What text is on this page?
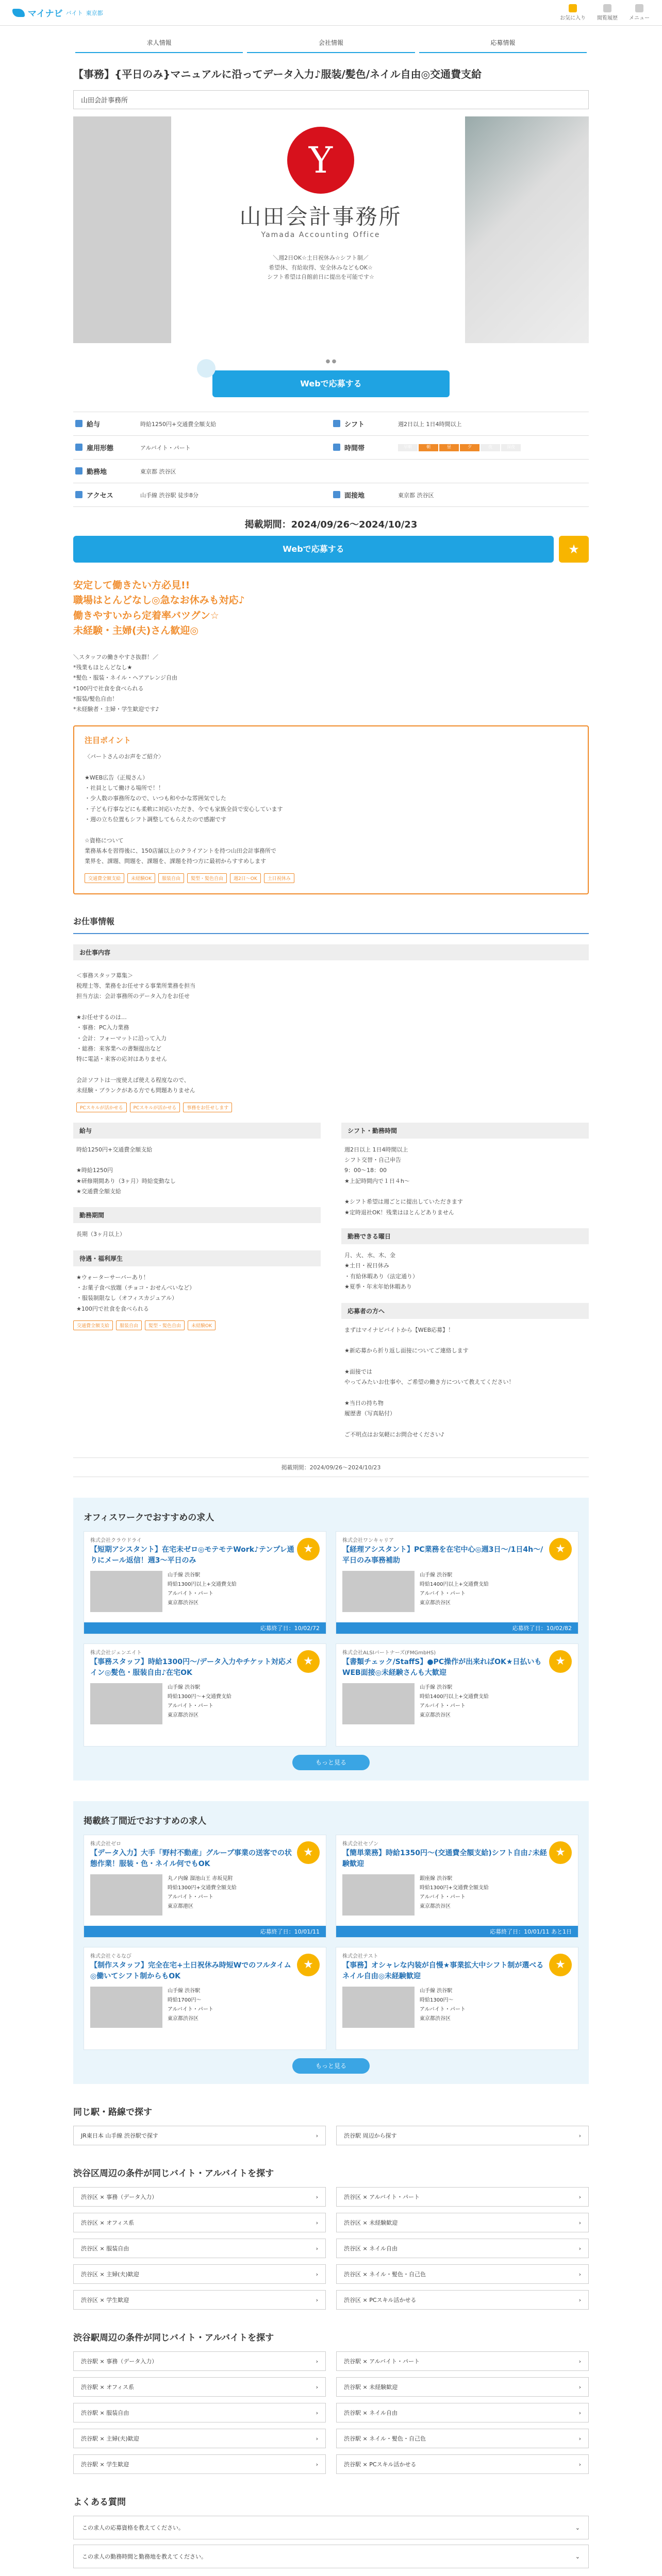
マイナビ バイト 東京都
お気に入り 閲覧履歴 メニュー
求人情報	会社情報	応募情報
【事務】{平日のみ}マニュアルに沿ってデータ入力♪服装/髪色/ネイル自由◎交通費支給
山田会計事務所
Y
山田会計事務所
Yamada Accounting Office
＼週2日OK☆土日祝休み☆シフト制／
希望休、有給取得、安全休みなどもOK☆
シフト希望は自館前日に提出を可能です☆
● ●
Webで応募する
給与	時給1250円+交通費全額支給	シフト	週2日以上 1日4時間以上
雇用形態	アルバイト・パート	時間帯	早朝	朝	昼	夕	夜	深夜
勤務地	東京都 渋谷区
アクセス	山手線 渋谷駅 徒歩8分	面接地	東京都 渋谷区
掲載期間：2024/09/26〜2024/10/23
Webで応募する	★
安定して働きたい方必見!!
職場はとんどなし◎急なお休みも対応♪
働きやすいから定着率バツグン☆
未経験・主婦(夫)さん歓迎◎
＼スタッフの働きやすさ抜群！／
*残業もほとんどなし★
*髪色・服装・ネイル・ヘアアレンジ自由
*100円で社食を食べられる
*服装/髪色自由！
*未経験者・主婦・学生歓迎です♪
注目ポイント
〈パートさんのお声をご紹介〉

★WEB広告（正規さん）
・社員として働ける場所で！！
・少人数の事務所なので、いつも和やかな雰囲気でした
・子ども行事などにも柔軟に対応いただき、今でも家族全員で安心しています
・週の立ち位置もシフト調整してもらえたので感謝です

☆資格について
業務基本を習得後に、150店舗以上のクライアントを持つ山田会計事務所で
業界を、課題、問題を、課題を、課題を持つ方に最初からすすめします
交通費全額支給	未経験OK	服装自由	髪型・髪色自由	週2日〜OK	土日祝休み
お仕事情報
お仕事内容
＜事務スタッフ募集＞
税理士等、業務をお任せする事業所業務を担当
担当方法：会計事務所のデータ入力をお任せ

★お任せするのは…
・事務：PC入力業務
・会計：フォーマットに沿って入力
・総務：来客業への書類提出など
特に電話・来客の応対はありません

会計ソフトは一度使えば使える程度なので、
未経験・ブランクがある方でも問題ありません
PCスキルが活かせる	PCスキルが活かせる	事務をお任せします
給与
時給1250円+交通費全額支給

★時給1250円
★研修期間あり（3ヶ月）時給変動なし
★交通費全額支給
勤務期間
長期（3ヶ月以上）
待遇・福利厚生
★ウォーターサーバーあり！
・お菓子食べ放題（チョコ・おせんべいなど）
・服装制限なし（オフィスカジュアル）
★100円で社食を食べられる
交通費全額支給	服装自由	髪型・髪色自由	未経験OK
シフト・勤務時間
週2日以上 1日4時間以上
シフト交替・自己申告
9：00〜18：00
★上記時間内で１日４h〜

★シフト希望は週ごとに提出していただきます
★定時退社OK！残業はほとんどありません
勤務できる曜日
月、火、水、木、金
★土日・祝日休み
・有給休暇あり（法定通り）
★夏季・年末年始休暇あり
応募者の方へ
まずはマイナビバイトから【WEB応募】！

★新応募から折り返し面接についてご連絡します

★面接では
やってみたいお仕事や、ご希望の働き方について教えてください！

★当日の持ち物
履歴書（写真貼付）

ご不明点はお気軽にお問合せください♪
掲載期間：2024/09/26〜2024/10/23
オフィスワークでおすすめの求人
株式会社クラウドライ
【短期アシスタント】在宅未ゼロ◎モテモテWork♪テンプレ通りにメール返信！週3〜平日のみ
★
山手線 渋谷駅
時給1300円以上+交通費支給
アルバイト・パート
東京都渋谷区
応募終了日：10/02/72
株式会社ワンキャリア
【経理アシスタント】PC業務を在宅中心◎週3日〜/1日4h〜/平日のみ事務補助
★
山手線 渋谷駅
時給1400円以上+交通費支給
アルバイト・パート
東京都渋谷区
応募終了日：10/02/82
株式会社ジェンエイト
【事務スタッフ】時給1300円〜/データ入力やチケット対応メイン◎髪色・服装自由♪在宅OK
★
山手線 渋谷駅
時給1300円〜+交通費支給
アルバイト・パート
東京都渋谷区
株式会社ALSIパートナーズ(FMGmbHS)
【書類チェック/StaffS】●PC操作が出来ればOK★日払いもWEB面接◎未経験さんも大歓迎
★
山手線 渋谷駅
時給1400円以上+交通費支給
アルバイト・パート
東京都渋谷区
もっと見る
掲載終了間近でおすすめの求人
株式会社ゼロ
【データ入力】大手「野村不動産」グループ事業の送客での状態作業！服装・色・ネイル何でもOK
★
丸ノ内線 溜池山王 赤坂見附
時給1300円+交通費全額支給
アルバイト・パート
東京都港区
応募終了日：10/01/11
株式会社セゾン
【簡単業務】時給1350円〜(交通費全額支給)シフト自由♪未経験歓迎
★
銀座線 渋谷駅
時給1300円+交通費全額支給
アルバイト・パート
東京都渋谷区
応募終了日：10/01/11 あと1日
株式会社ぐるなび
【制作スタッフ】完全在宅+土日祝休み時短Wでのフルタイム◎働いてシフト制からもOK
★
山手線 渋谷駅
時給1700円〜
アルバイト・パート
東京都渋谷区
株式会社テスト
【事務】オシャレな内装が自慢★事業拡大中シフト制が選べるネイル自由◎未経験歓迎
★
山手線 渋谷駅
時給1300円〜
アルバイト・パート
東京都渋谷区
もっと見る
同じ駅・路線で探す
JR東日本 山手線 渋谷駅で探す	›	渋谷駅 周辺から探す	›
渋谷区周辺の条件が同じバイト・アルバイトを探す
渋谷区 × 事務（データ入力）	›	渋谷区 × アルバイト・パート	›
渋谷区 × オフィス系	›	渋谷区 × 未経験歓迎	›
渋谷区 × 服装自由	›	渋谷区 × ネイル自由	›
渋谷区 × 主婦(夫)歓迎	›	渋谷区 × ネイル・髪色・自己色	›
渋谷区 × 学生歓迎	›	渋谷区 × PCスキル活かせる	›
渋谷駅周辺の条件が同じバイト・アルバイトを探す
渋谷駅 × 事務（データ入力）	›	渋谷駅 × アルバイト・パート	›
渋谷駅 × オフィス系	›	渋谷駅 × 未経験歓迎	›
渋谷駅 × 服装自由	›	渋谷駅 × ネイル自由	›
渋谷駅 × 主婦(夫)歓迎	›	渋谷駅 × ネイル・髪色・自己色	›
渋谷駅 × 学生歓迎	›	渋谷駅 × PCスキル活かせる	›
よくある質問
この求人の応募資格を教えてください。	⌄
この求人の勤務時間と勤務地を教えてください。	⌄
